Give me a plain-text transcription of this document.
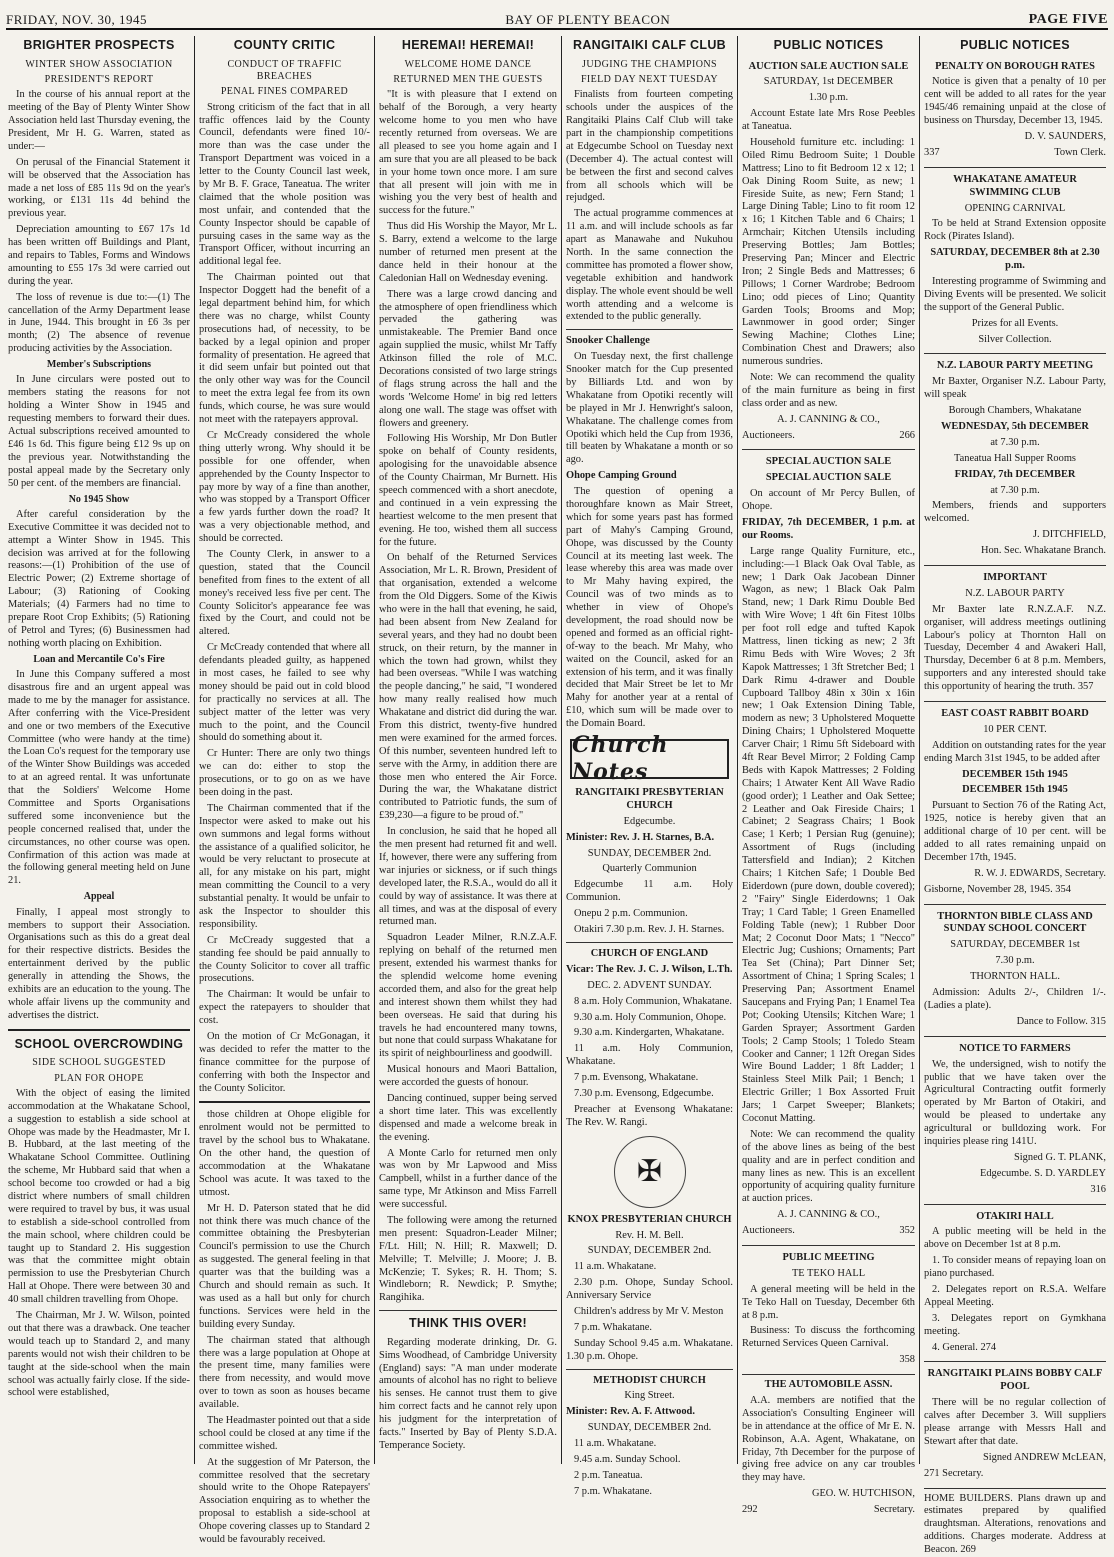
FRIDAY, NOV. 30, 1945	BAY OF PLENTY BEACON	PAGE FIVE
BRIGHTER PROSPECTS
WINTER SHOW ASSOCIATION
PRESIDENT'S REPORT

In the course of his annual report at the meeting of the Bay of Plenty Winter Show Association held last Thursday evening, the President, Mr H. G. Warren, stated as under:—

On perusal of the Financial Statement it will be observed that the Association has made a net loss of £85 11s 9d on the year's working, or £131 11s 4d behind the previous year.

Depreciation amounting to £67 17s 1d has been written off Buildings and Plant, and repairs to Tables, Forms and Windows amounting to £55 17s 3d were carried out during the year.

The loss of revenue is due to:—(1) The cancellation of the Army Department lease in June, 1944. This brought in £6 3s per month; (2) The absence of revenue producing activities by the Association.

Member's Subscriptions

In June circulars were posted out to members stating the reasons for not holding a Winter Show in 1945 and requesting members to forward their dues. Actual subscriptions received amounted to £46 1s 6d. This figure being £12 9s up on the previous year. Notwithstanding the postal appeal made by the Secretary only 50 per cent. of the members are financial.

No 1945 Show

After careful consideration by the Executive Committee it was decided not to attempt a Winter Show in 1945. This decision was arrived at for the following reasons:—(1) Prohibition of the use of Electric Power; (2) Extreme shortage of Labour; (3) Rationing of Cooking Materials; (4) Farmers had no time to prepare Root Crop Exhibits; (5) Rationing of Petrol and Tyres; (6) Businessmen had nothing worth placing on Exhibition.

Loan and Mercantile Co's Fire

In June this Company suffered a most disastrous fire and an urgent appeal was made to me by the manager for assistance. After conferring with the Vice-President and one or two members of the Executive Committee (who were handy at the time) the Loan Co's request for the temporary use of the Winter Show Buildings was acceded to at an agreed rental. It was unfortunate that the Soldiers' Welcome Home Committee and Sports Organisations suffered some inconvenience but the people concerned realised that, under the circumstances, no other course was open. Confirmation of this action was made at the following general meeting held on June 21.

Appeal

Finally, I appeal most strongly to members to support their Association. Organisations such as this do a great deal for their respective districts. Besides the entertainment derived by the public generally in attending the Shows, the exhibits are an education to the young. The whole affair livens up the community and advertises the district.

SCHOOL OVERCROWDING
SIDE SCHOOL SUGGESTED
PLAN FOR OHOPE

With the object of easing the limited accommodation at the Whakatane School, a suggestion to establish a side school at Ohope was made by the Headmaster, Mr I. B. Hubbard, at the last meeting of the Whakatane School Committee. Outlining the scheme, Mr Hubbard said that when a school become too crowded or had a big district where numbers of small children were required to travel by bus, it was usual to establish a side-school controlled from the main school, where children could be taught up to Standard 2. His suggestion was that the committee might obtain permission to use the Presbyterian Church Hall at Ohope. There were between 30 and 40 small children travelling from Ohope.

The Chairman, Mr J. W. Wilson, pointed out that there was a drawback. One teacher would teach up to Standard 2, and many parents would not wish their children to be taught at the side-school when the main school was actually fairly close. If the side-school were established,

COUNTY CRITIC
CONDUCT OF TRAFFIC BREACHES
PENAL FINES COMPARED

Strong criticism of the fact that in all traffic offences laid by the County Council, defendants were fined 10/- more than was the case under the Transport Department was voiced in a letter to the County Council last week, by Mr B. F. Grace, Taneatua. The writer claimed that the whole position was most unfair, and contended that the County Inspector should be capable of pursuing cases in the same way as the Transport Officer, without incurring an additional legal fee.

The Chairman pointed out that Inspector Doggett had the benefit of a legal department behind him, for which there was no charge, whilst County prosecutions had, of necessity, to be backed by a legal opinion and proper formality of presentation. He agreed that it did seem unfair but pointed out that the only other way was for the Council to meet the extra legal fee from its own funds, which course, he was sure would not meet with the ratepayers approval.

Cr McCready considered the whole thing utterly wrong. Why should it be possible for one offender, when apprehended by the County Inspector to pay more by way of a fine than another, who was stopped by a Transport Officer a few yards further down the road? It was a very objectionable method, and should be corrected.

The County Clerk, in answer to a question, stated that the Council benefited from fines to the extent of all money's received less five per cent. The County Solicitor's appearance fee was fixed by the Court, and could not be altered.

Cr McCready contended that where all defendants pleaded guilty, as happened in most cases, he failed to see why money should be paid out in cold blood for practically no services at all. The subject matter of the letter was very much to the point, and the Council should do something about it.

Cr Hunter: There are only two things we can do: either to stop the prosecutions, or to go on as we have been doing in the past.

The Chairman commented that if the Inspector were asked to make out his own summons and legal forms without the assistance of a qualified solicitor, he would be very reluctant to prosecute at all, for any mistake on his part, might mean committing the Council to a very substantial penalty. It would be unfair to ask the Inspector to shoulder this responsibility.

Cr McCready suggested that a standing fee should be paid annually to the County Solicitor to cover all traffic prosecutions.

The Chairman: It would be unfair to expect the ratepayers to shoulder that cost.

On the motion of Cr McGonagan, it was decided to refer the matter to the finance committee for the purpose of conferring with both the Inspector and the County Solicitor.

those children at Ohope eligible for enrolment would not be permitted to travel by the school bus to Whakatane. On the other hand, the question of accommodation at the Whakatane School was acute. It was taxed to the utmost.

Mr H. D. Paterson stated that he did not think there was much chance of the committee obtaining the Presbyterian Council's permission to use the Church as suggested. The general feeling in that quarter was that the building was a Church and should remain as such. It was used as a hall but only for church functions. Services were held in the building every Sunday.

The chairman stated that although there was a large population at Ohope at the present time, many families were there from necessity, and would move over to town as soon as houses became available.

The Headmaster pointed out that a side school could be closed at any time if the committee wished.

At the suggestion of Mr Paterson, the committee resolved that the secretary should write to the Ohope Ratepayers' Association enquiring as to whether the proposal to establish a side-school at Ohope covering classes up to Standard 2 would be favourably received.

HEREMAI! HEREMAI!
WELCOME HOME DANCE
RETURNED MEN THE GUESTS

"It is with pleasure that I extend on behalf of the Borough, a very hearty welcome home to you men who have recently returned from overseas. We are all pleased to see you home again and I am sure that you are all pleased to be back in your home town once more. I am sure that all present will join with me in wishing you the very best of health and success for the future."

Thus did His Worship the Mayor, Mr L. S. Barry, extend a welcome to the large number of returned men present at the dance held in their honour at the Caledonian Hall on Wednesday evening.

There was a large crowd dancing and the atmosphere of open friendliness which pervaded the gathering was unmistakeable. The Premier Band once again supplied the music, whilst Mr Taffy Atkinson filled the role of M.C. Decorations consisted of two large strings of flags strung across the hall and the words 'Welcome Home' in big red letters along one wall. The stage was offset with flowers and greenery.

Following His Worship, Mr Don Butler spoke on behalf of County residents, apologising for the unavoidable absence of the County Chairman, Mr Burnett. His speech commenced with a short anecdote, and continued in a vein expressing the heartiest welcome to the men present that evening. He too, wished them all success for the future.

On behalf of the Returned Services Association, Mr L. R. Brown, President of that organisation, extended a welcome from the Old Diggers. Some of the Kiwis who were in the hall that evening, he said, had been absent from New Zealand for several years, and they had no doubt been struck, on their return, by the manner in which the town had grown, whilst they had been overseas. "While I was watching the people dancing," he said, "I wondered how many really realised how much Whakatane and district did during the war. From this district, twenty-five hundred men were examined for the armed forces. Of this number, seventeen hundred left to serve with the Army, in addition there are those men who entered the Air Force. During the war, the Whakatane district contributed to Patriotic funds, the sum of £39,230—a figure to be proud of."

In conclusion, he said that he hoped all the men present had returned fit and well. If, however, there were any suffering from war injuries or sickness, or if such things developed later, the R.S.A., would do all it could by way of assistance. It was there at all times, and was at the disposal of every returned man.

Squadron Leader Milner, R.N.Z.A.F. replying on behalf of the returned men present, extended his warmest thanks for the splendid welcome home evening accorded them, and also for the great help and interest shown them whilst they had been overseas. He said that during his travels he had encountered many towns, but none that could surpass Whakatane for its spirit of neighbourliness and goodwill.

Musical honours and Maori Battalion, were accorded the guests of honour.

Dancing continued, supper being served a short time later. This was excellently dispensed and made a welcome break in the evening.

A Monte Carlo for returned men only was won by Mr Lapwood and Miss Campbell, whilst in a further dance of the same type, Mr Atkinson and Miss Farrell were successful.

The following were among the returned men present: Squadron-Leader Milner; F/Lt. Hill; N. Hill; R. Maxwell; D. Melville; T. Melville; J. Moore; J. B. McKenzie; T. Sykes; R. H. Thom; S. Windleborn; R. Newdick; P. Smythe; Rangihika.

THINK THIS OVER!

Regarding moderate drinking, Dr. G. Sims Woodhead, of Cambridge University (England) says: "A man under moderate amounts of alcohol has no right to believe his senses. He cannot trust them to give him correct facts and he cannot rely upon his judgment for the interpretation of facts." Inserted by Bay of Plenty S.D.A. Temperance Society.

RANGITAIKI CALF CLUB
JUDGING THE CHAMPIONS
FIELD DAY NEXT TUESDAY

Finalists from fourteen competing schools under the auspices of the Rangitaiki Plains Calf Club will take part in the championship competitions at Edgecumbe School on Tuesday next (December 4). The actual contest will be between the first and second calves from all schools which will be rejudged.

The actual programme commences at 11 a.m. and will include schools as far apart as Manawahe and Nukuhou North. In the same connection the committee has promoted a flower show, vegetable exhibition and handwork display. The whole event should be well worth attending and a welcome is extended to the public generally.

Snooker Challenge

On Tuesday next, the first challenge Snooker match for the Cup presented by Billiards Ltd. and won by Whakatane from Opotiki recently will be played in Mr J. Henwright's saloon, Whakatane. The challenge comes from Opotiki which held the Cup from 1936, till beaten by Whakatane a month or so ago.

Ohope Camping Ground

The question of opening a thoroughfare known as Mair Street, which for some years past has formed part of Mahy's Camping Ground, Ohope, was discussed by the County Council at its meeting last week. The lease whereby this area was made over to Mr Mahy having expired, the Council was of two minds as to whether in view of Ohope's development, the road should now be opened and formed as an official right-of-way to the beach. Mr Mahy, who waited on the Council, asked for an extension of his term, and it was finally decided that Mair Street be let to Mr Mahy for another year at a rental of £10, which sum will be made over to the Domain Board.

Church Notes

RANGITAIKI PRESBYTERIAN CHURCH

Edgecumbe.

Minister: Rev. J. H. Starnes, B.A.

SUNDAY, DECEMBER 2nd.

Quarterly Communion

Edgecumbe 11 a.m. Holy Communion.

Onepu 2 p.m. Communion.

Otakiri 7.30 p.m. Rev. J. H. Starnes.

CHURCH OF ENGLAND

Vicar: The Rev. J. C. J. Wilson, L.Th.

DEC. 2. ADVENT SUNDAY.

8 a.m. Holy Communion, Whakatane.

9.30 a.m. Holy Communion, Ohope.

9.30 a.m. Kindergarten, Whakatane.

11 a.m. Holy Communion, Whakatane.

7 p.m. Evensong, Whakatane.

7.30 p.m. Evensong, Edgecumbe.

Preacher at Evensong Whakatane: The Rev. W. Rangi.

✠

KNOX PRESBYTERIAN CHURCH

Rev. H. M. Bell.

SUNDAY, DECEMBER 2nd.

11 a.m. Whakatane.

2.30 p.m. Ohope, Sunday School. Anniversary Service

Children's address by Mr V. Meston

7 p.m. Whakatane.

Sunday School 9.45 a.m. Whakatane. 1.30 p.m. Ohope.

METHODIST CHURCH

King Street.

Minister: Rev. A. F. Attwood.

SUNDAY, DECEMBER 2nd.

11 a.m. Whakatane.

9.45 a.m. Sunday School.

2 p.m. Taneatua.

7 p.m. Whakatane.

PUBLIC NOTICES

AUCTION SALE AUCTION SALE

SATURDAY, 1st DECEMBER

1.30 p.m.

Account Estate late Mrs Rose Peebles at Taneatua.

Household furniture etc. including: 1 Oiled Rimu Bedroom Suite; 1 Double Mattress; Lino to fit Bedroom 12 x 12; 1 Oak Dining Room Suite, as new; 1 Fireside Suite, as new; Fern Stand; 1 Large Dining Table; Lino to fit room 12 x 16; 1 Kitchen Table and 6 Chairs; 1 Armchair; Kitchen Utensils including Preserving Bottles; Jam Bottles; Preserving Pan; Mincer and Electric Iron; 2 Single Beds and Mattresses; 6 Pillows; 1 Corner Wardrobe; Bedroom Lino; odd pieces of Lino; Quantity Garden Tools; Brooms and Mop; Lawnmower in good order; Singer Sewing Machine; Clothes Line; Combination Chest and Drawers; also numerous sundries.

Note: We can recommend the quality of the main furniture as being in first class order and as new.

A. J. CANNING & CO.,

Auctioneers.	266

SPECIAL AUCTION SALE

SPECIAL AUCTION SALE

On account of Mr Percy Bullen, of Ohope.

FRIDAY, 7th DECEMBER, 1 p.m. at our Rooms.

Large range Quality Furniture, etc., including:—1 Black Oak Oval Table, as new; 1 Dark Oak Jacobean Dinner Wagon, as new; 1 Black Oak Palm Stand, new; 1 Dark Rimu Double Bed with Wire Wove; 1 4ft 6in Fitest 10lbs per foot roll edge and tufted Kapok Mattress, linen ticking as new; 2 3ft Rimu Beds with Wire Woves; 2 3ft Kapok Mattresses; 1 3ft Stretcher Bed; 1 Dark Rimu 4-drawer and Double Cupboard Tallboy 48in x 30in x 16in new; 1 Oak Extension Dining Table, modern as new; 3 Upholstered Moquette Dining Chairs; 1 Upholstered Moquette Carver Chair; 1 Rimu 5ft Sideboard with 4ft Rear Bevel Mirror; 2 Folding Camp Beds with Kapok Mattresses; 2 Folding Chairs; 1 Atwater Kent All Wave Radio (good order); 1 Leather and Oak Settee; 2 Leather and Oak Fireside Chairs; 1 Cabinet; 2 Seagrass Chairs; 1 Book Case; 1 Kerb; 1 Persian Rug (genuine); Assortment of Rugs (including Tattersfield and Indian); 2 Kitchen Chairs; 1 Kitchen Safe; 1 Double Bed Eiderdown (pure down, double covered); 2 "Fairy" Single Eiderdowns; 1 Oak Tray; 1 Card Table; 1 Green Enamelled Folding Table (new); 1 Rubber Door Mat; 2 Coconut Door Mats; 1 "Necco" Electric Jug; Cushions; Ornaments; Part Tea Set (China); Part Dinner Set; Assortment of China; 1 Spring Scales; 1 Preserving Pan; Assortment Enamel Saucepans and Frying Pan; 1 Enamel Tea Pot; Cooking Utensils; Kitchen Ware; 1 Garden Sprayer; Assortment Garden Tools; 2 Camp Stools; 1 Toledo Steam Cooker and Canner; 1 12ft Oregan Sides Wire Bound Ladder; 1 8ft Ladder; 1 Stainless Steel Milk Pail; 1 Bench; 1 Electric Griller; 1 Box Assorted Fruit Jars; 1 Carpet Sweeper; Blankets; Coconut Matting.

Note: We can recommend the quality of the above lines as being of the best quality and are in perfect condition and many lines as new. This is an excellent opportunity of acquiring quality furniture at auction prices.

A. J. CANNING & CO.,

Auctioneers.	352

PUBLIC MEETING

TE TEKO HALL

A general meeting will be held in the Te Teko Hall on Tuesday, December 6th at 8 p.m.

Business: To discuss the forthcoming Returned Services Queen Carnival.

358

THE AUTOMOBILE ASSN.

A.A. members are notified that the Association's Consulting Engineer will be in attendance at the office of Mr E. N. Robinson, A.A. Agent, Whakatane, on Friday, 7th December for the purpose of giving free advice on any car troubles they may have.

GEO. W. HUTCHISON,

292	Secretary.

PUBLIC NOTICES

PENALTY ON BOROUGH RATES

Notice is given that a penalty of 10 per cent will be added to all rates for the year 1945/46 remaining unpaid at the close of business on Thursday, December 13, 1945.

D. V. SAUNDERS,

337	Town Clerk.

WHAKATANE AMATEUR SWIMMING CLUB

OPENING CARNIVAL

To be held at Strand Extension opposite Rock (Pirates Island).

SATURDAY, DECEMBER 8th at 2.30 p.m.

Interesting programme of Swimming and Diving Events will be presented. We solicit the support of the General Public.

Prizes for all Events.

Silver Collection.

N.Z. LABOUR PARTY MEETING

Mr Baxter, Organiser N.Z. Labour Party, will speak

Borough Chambers, Whakatane

WEDNESDAY, 5th DECEMBER

at 7.30 p.m.

Taneatua Hall Supper Rooms

FRIDAY, 7th DECEMBER

at 7.30 p.m.

Members, friends and supporters welcomed.

J. DITCHFIELD,

Hon. Sec. Whakatane Branch.

IMPORTANT

N.Z. LABOUR PARTY

Mr Baxter late R.N.Z.A.F. N.Z. organiser, will address meetings outlining Labour's policy at Thornton Hall on Tuesday, December 4 and Awakeri Hall, Thursday, December 6 at 8 p.m. Members, supporters and any interested should take this opportunity of hearing the truth. 357

EAST COAST RABBIT BOARD

10 PER CENT.

Addition on outstanding rates for the year ending March 31st 1945, to be added after

DECEMBER 15th 1945

DECEMBER 15th 1945

Pursuant to Section 76 of the Rating Act, 1925, notice is hereby given that an additional charge of 10 per cent. will be added to all rates remaining unpaid on December 17th, 1945.

R. W. J. EDWARDS, Secretary.

Gisborne, November 28, 1945. 354

THORNTON BIBLE CLASS AND SUNDAY SCHOOL CONCERT

SATURDAY, DECEMBER 1st

7.30 p.m.

THORNTON HALL.

Admission: Adults 2/-, Children 1/-. (Ladies a plate).

Dance to Follow. 315

NOTICE TO FARMERS

We, the undersigned, wish to notify the public that we have taken over the Agricultural Contracting outfit formerly operated by Mr Barton of Otakiri, and would be pleased to undertake any agricultural or bulldozing work. For inquiries please ring 141U.

Signed G. T. PLANK,

Edgecumbe. S. D. YARDLEY

316

OTAKIRI HALL

A public meeting will be held in the above on December 1st at 8 p.m.

1. To consider means of repaying loan on piano purchased.

2. Delegates report on R.S.A. Welfare Appeal Meeting.

3. Delegates report on Gymkhana meeting.

4. General. 274

RANGITAIKI PLAINS BOBBY CALF POOL

There will be no regular collection of calves after December 3. Will suppliers please arrange with Messrs Hall and Stewart after that date.

Signed ANDREW McLEAN,

271 Secretary.

HOME BUILDERS. Plans drawn up and estimates prepared by qualified draughtsman. Alterations, renovations and additions. Charges moderate. Address at Beacon. 269
